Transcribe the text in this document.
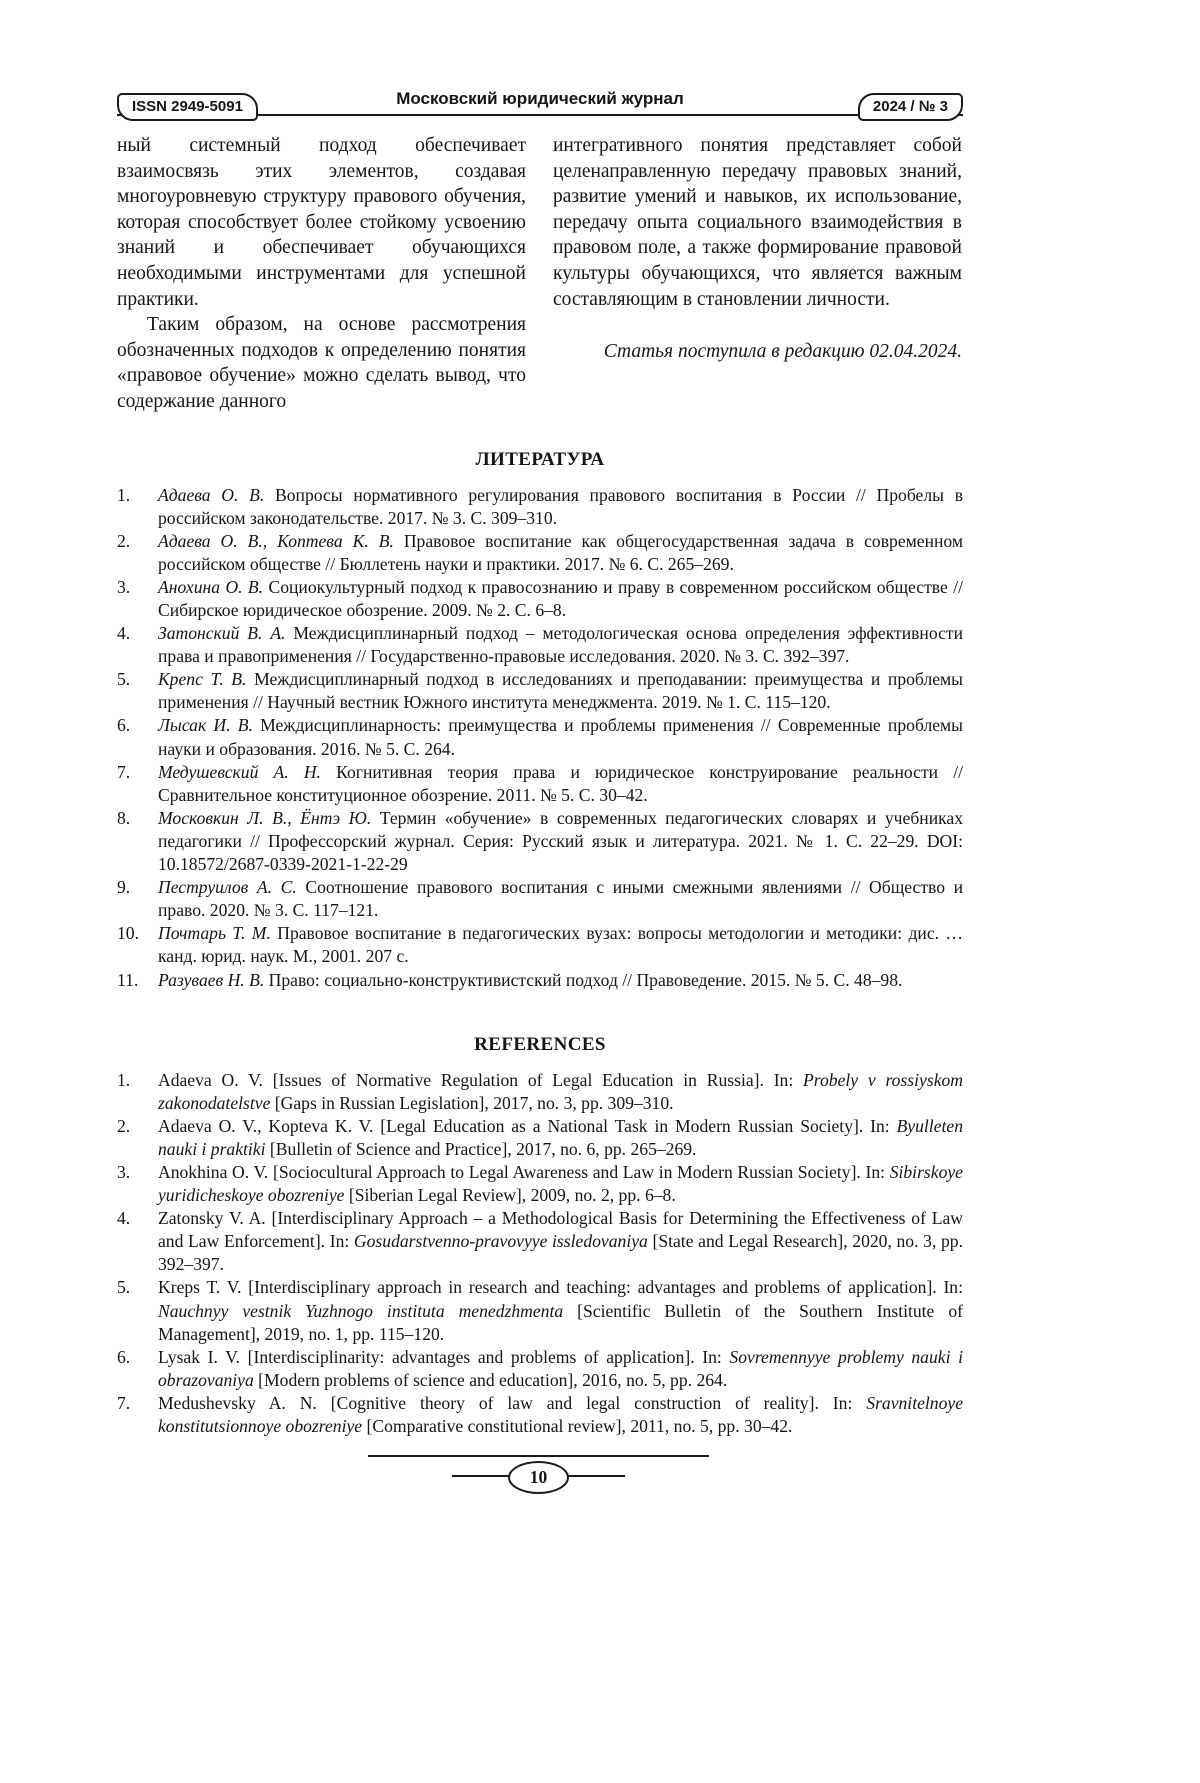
ISSN 2949-5091	Московский юридический журнал	2024 / № 3

ный системный подход обеспечивает взаимосвязь этих элементов, создавая многоуровневую структуру правового обучения, которая способствует более стойкому усвоению знаний и обеспечивает обучающихся необходимыми инструментами для успешной практики.

Таким образом, на основе рассмотрения обозначенных подходов к определению понятия «правовое обучение» можно сделать вывод, что содержание данного

интегративного понятия представляет собой целенаправленную передачу правовых знаний, развитие умений и навыков, их использование, передачу опыта социального взаимодействия в правовом поле, а также формирование правовой культуры обучающихся, что является важным составляющим в становлении личности.

Статья поступила в редакцию 02.04.2024.

ЛИТЕРАТУРА
1.	Адаева О. В. Вопросы нормативного регулирования правового воспитания в России // Пробелы в российском законодательстве. 2017. № 3. С. 309–310.
2.	Адаева О. В., Коптева К. В. Правовое воспитание как общегосударственная задача в современном российском обществе // Бюллетень науки и практики. 2017. № 6. С. 265–269.
3.	Анохина О. В. Социокультурный подход к правосознанию и праву в современном российском обществе // Сибирское юридическое обозрение. 2009. № 2. С. 6–8.
4.	Затонский В. А. Междисциплинарный подход – методологическая основа определения эффективности права и правоприменения // Государственно-правовые исследования. 2020. № 3. С. 392–397.
5.	Крепс Т. В. Междисциплинарный подход в исследованиях и преподавании: преимущества и проблемы применения // Научный вестник Южного института менеджмента. 2019. № 1. С. 115–120.
6.	Лысак И. В. Междисциплинарность: преимущества и проблемы применения // Современные проблемы науки и образования. 2016. № 5. С. 264.
7.	Медушевский А. Н. Когнитивная теория права и юридическое конструирование реальности // Сравнительное конституционное обозрение. 2011. № 5. С. 30–42.
8.	Московкин Л. В., Ёнтэ Ю. Термин «обучение» в современных педагогических словарях и учебниках педагогики // Профессорский журнал. Серия: Русский язык и литература. 2021. № 1. С. 22–29. DOI: 10.18572/2687-0339-2021-1-22-29
9.	Пеструилов А. С. Соотношение правового воспитания с иными смежными явлениями // Общество и право. 2020. № 3. С. 117–121.
10.	Почтарь Т. М. Правовое воспитание в педагогических вузах: вопросы методологии и методики: дис. … канд. юрид. наук. М., 2001. 207 с.
11.	Разуваев Н. В. Право: социально-конструктивистский подход // Правоведение. 2015. № 5. С. 48–98.
REFERENCES
1.	Adaeva O. V. [Issues of Normative Regulation of Legal Education in Russia]. In: Probely v rossiyskom zakonodatelstve [Gaps in Russian Legislation], 2017, no. 3, pp. 309–310.
2.	Adaeva O. V., Kopteva K. V. [Legal Education as a National Task in Modern Russian Society]. In: Byulleten nauki i praktiki [Bulletin of Science and Practice], 2017, no. 6, pp. 265–269.
3.	Anokhina O. V. [Sociocultural Approach to Legal Awareness and Law in Modern Russian Society]. In: Sibirskoye yuridicheskoye obozreniye [Siberian Legal Review], 2009, no. 2, pp. 6–8.
4.	Zatonsky V. A. [Interdisciplinary Approach – a Methodological Basis for Determining the Effectiveness of Law and Law Enforcement]. In: Gosudarstvenno-pravovyye issledovaniya [State and Legal Research], 2020, no. 3, pp. 392–397.
5.	Kreps T. V. [Interdisciplinary approach in research and teaching: advantages and problems of application]. In: Nauchnyy vestnik Yuzhnogo instituta menedzhmenta [Scientific Bulletin of the Southern Institute of Management], 2019, no. 1, pp. 115–120.
6.	Lysak I. V. [Interdisciplinarity: advantages and problems of application]. In: Sovremennyye problemy nauki i obrazovaniya [Modern problems of science and education], 2016, no. 5, pp. 264.
7.	Medushevsky A. N. [Cognitive theory of law and legal construction of reality]. In: Sravnitelnoye konstitutsionnoye obozreniye [Comparative constitutional review], 2011, no. 5, pp. 30–42.
10
